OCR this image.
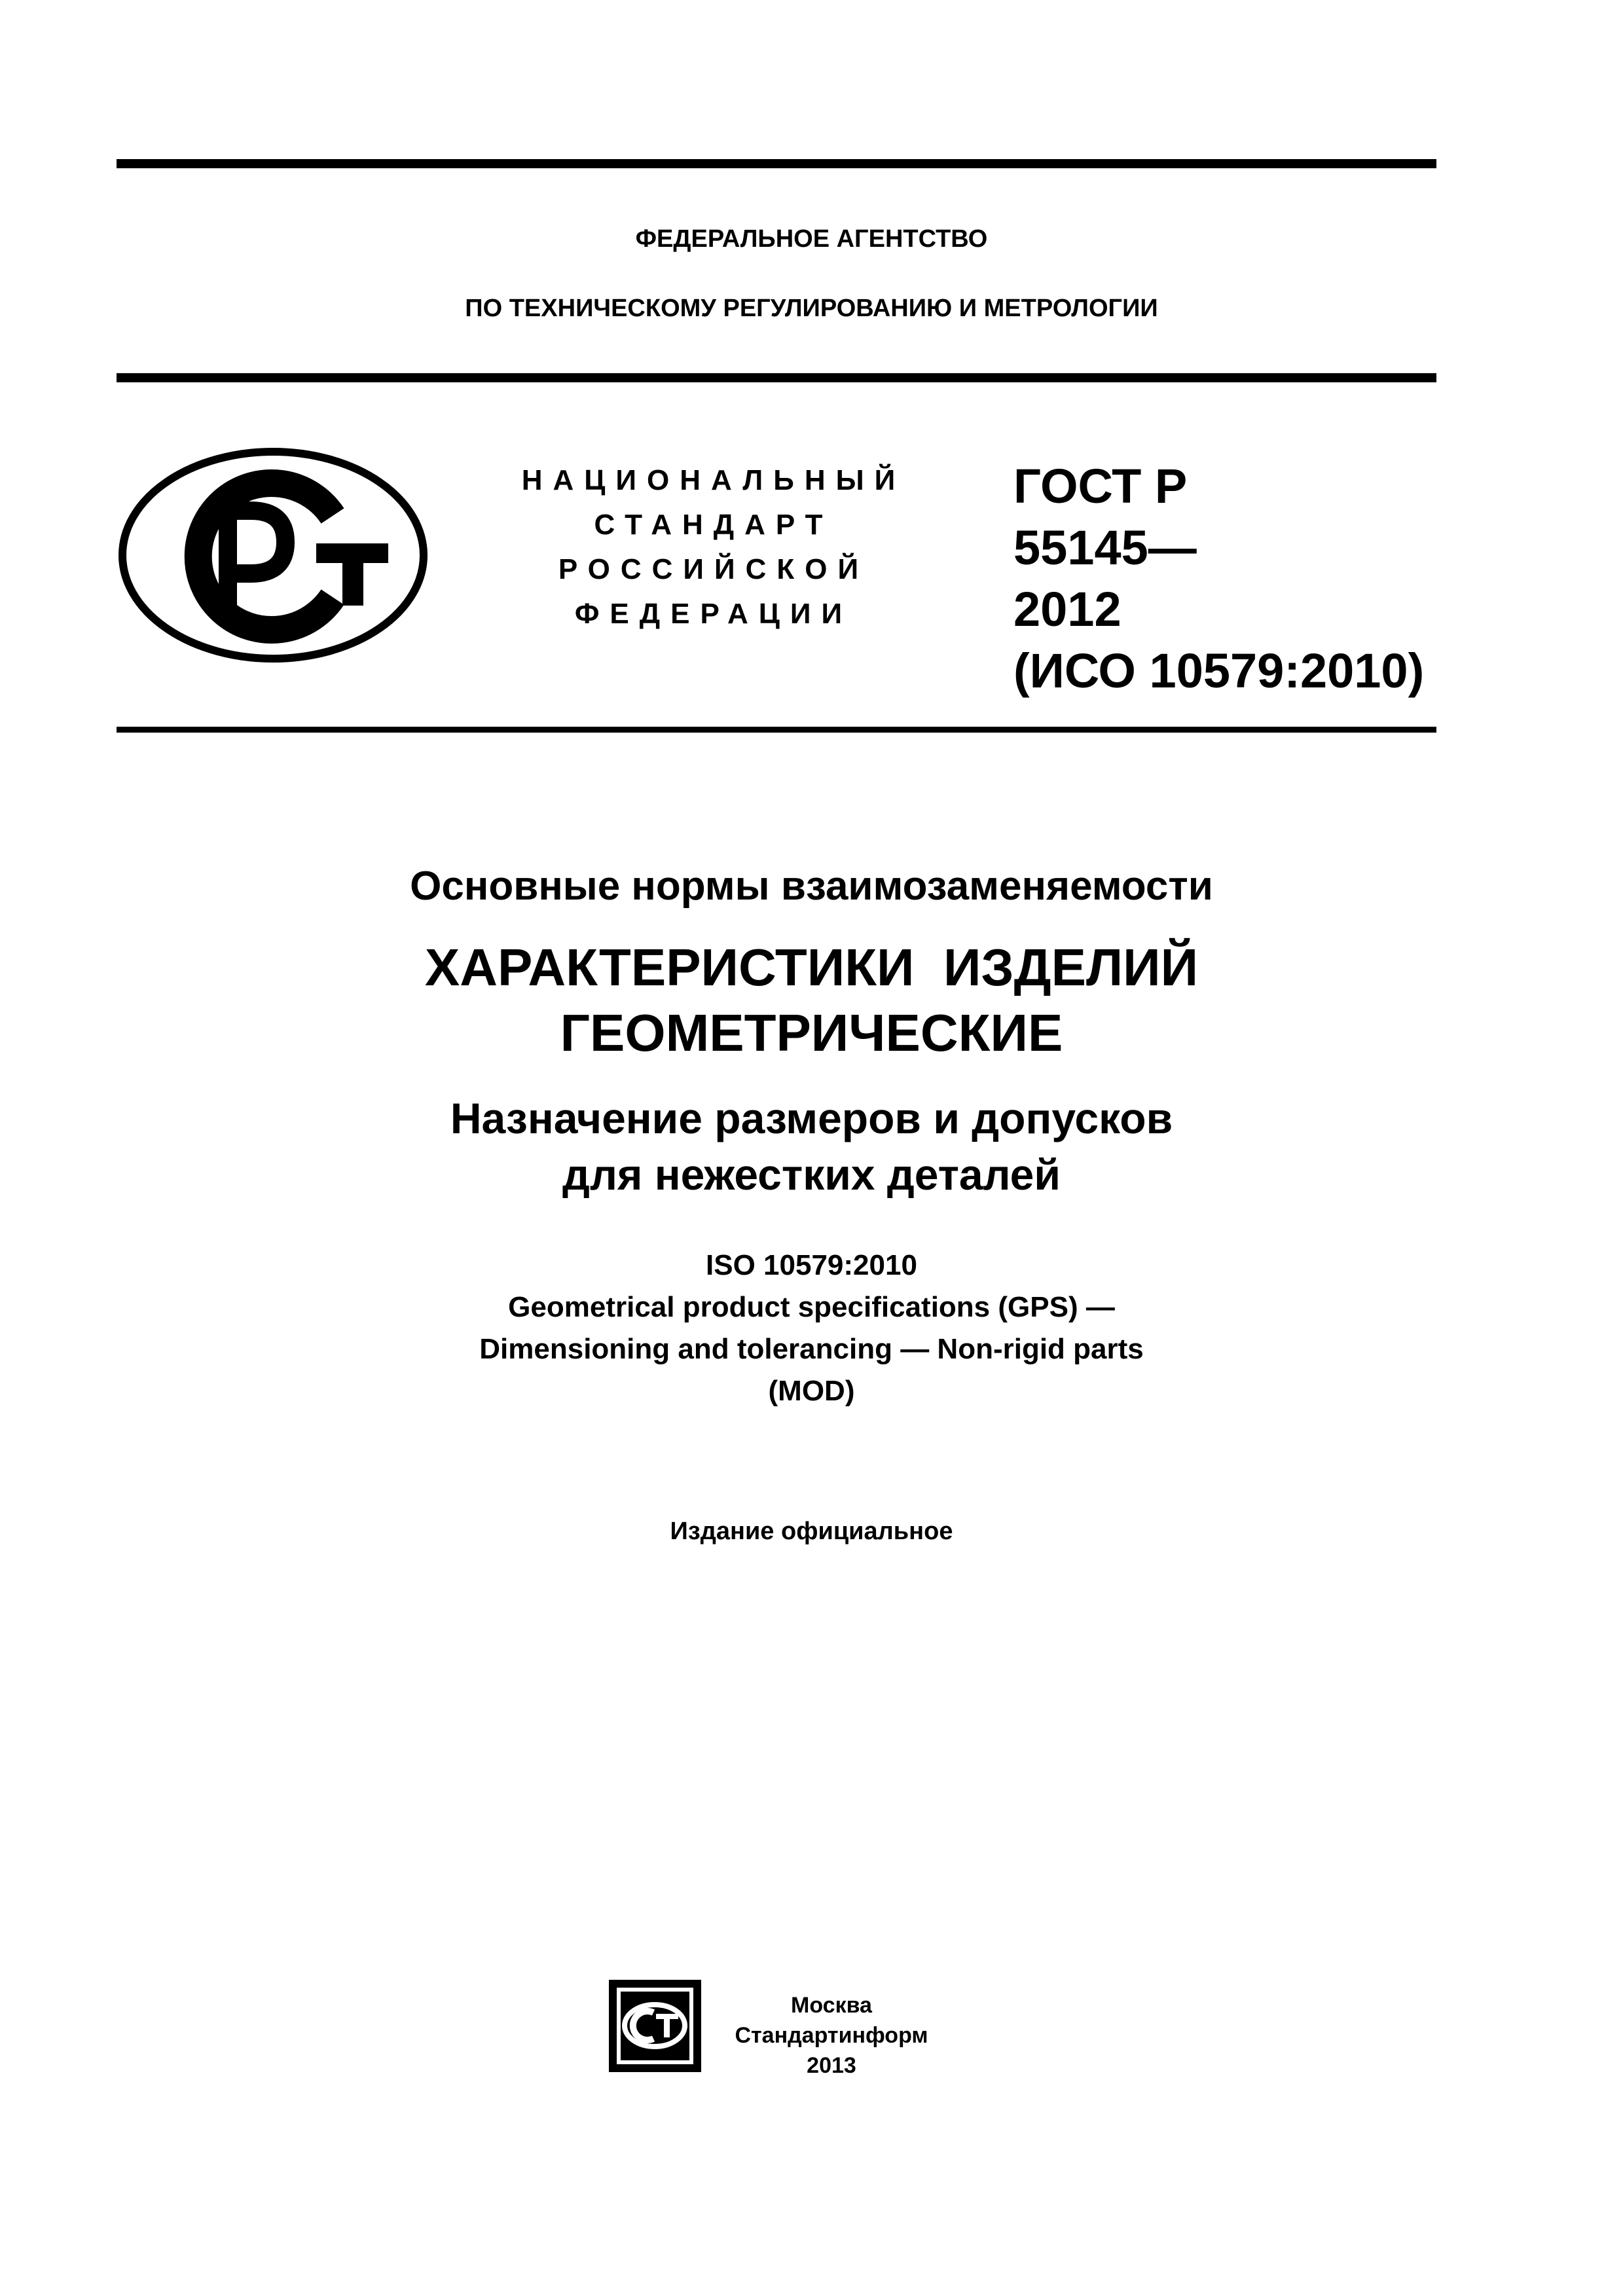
ФЕДЕРАЛЬНОЕ АГЕНТСТВО
ПО ТЕХНИЧЕСКОМУ РЕГУЛИРОВАНИЮ И МЕТРОЛОГИИ
НАЦИОНАЛЬНЫЙ
СТАНДАРТ
РОССИЙСКОЙ
ФЕДЕРАЦИИ
ГОСТ Р
55145—
2012
(ИСО 10579:2010)
Основные нормы взаимозаменяемости
ХАРАКТЕРИСТИКИ  ИЗДЕЛИЙ
ГЕОМЕТРИЧЕСКИЕ
Назначение размеров и допусков
для нежестких деталей
ISO 10579:2010
Geometrical product specifications (GPS) —
Dimensioning and tolerancing — Non-rigid parts
(MOD)
Издание официальное
Москва
Стандартинформ
2013
